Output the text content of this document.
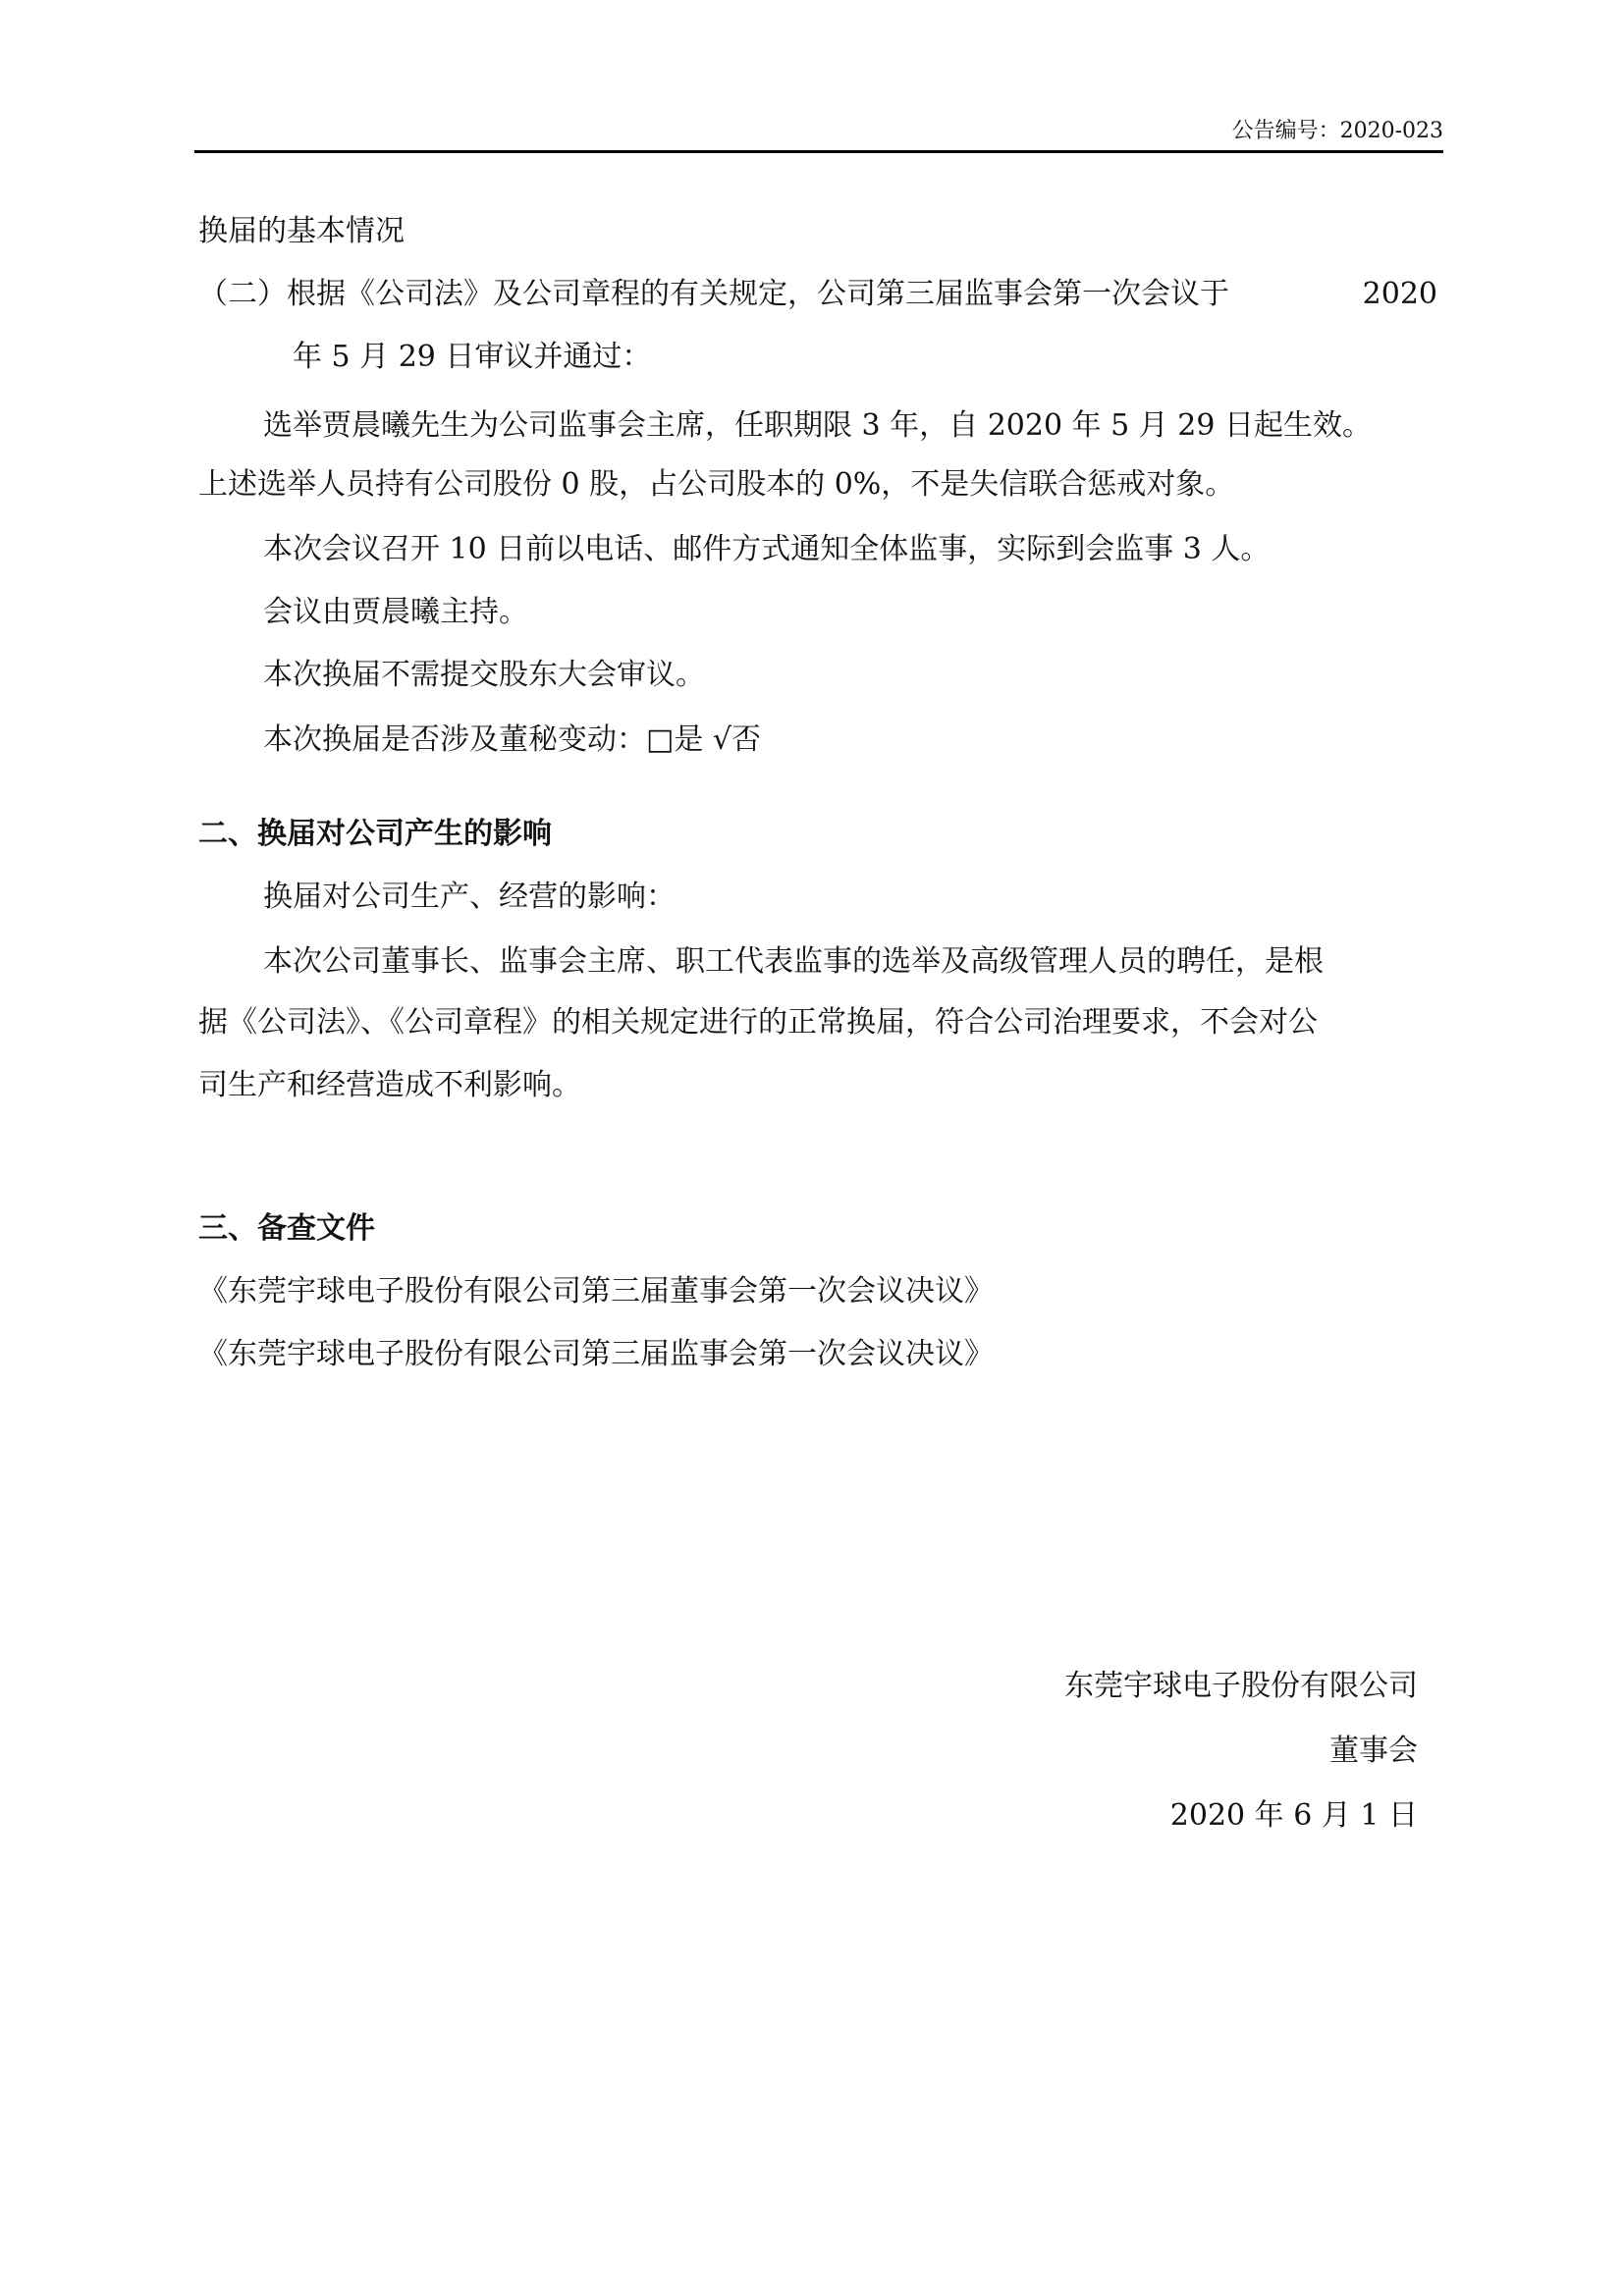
公告编号：2020-023
换届的基本情况
（二）根据《公司法》及公司章程的有关规定，公司第三届监事会第一次会议于	2020
年 5 月 29 日审议并通过：
选举贾晨曦先生为公司监事会主席，任职期限 3 年，自 2020 年 5 月 29 日起生效。
上述选举人员持有公司股份 0 股，占公司股本的 0%，不是失信联合惩戒对象。
本次会议召开 10 日前以电话、邮件方式通知全体监事，实际到会监事 3 人。
会议由贾晨曦主持。
本次换届不需提交股东大会审议。
本次换届是否涉及董秘变动：□是 √否
二、换届对公司产生的影响
换届对公司生产、经营的影响：
本次公司董事长、监事会主席、职工代表监事的选举及高级管理人员的聘任，是根
据《公司法》、《公司章程》的相关规定进行的正常换届，符合公司治理要求，不会对公
司生产和经营造成不利影响。
三、备查文件
《东莞宇球电子股份有限公司第三届董事会第一次会议决议》
《东莞宇球电子股份有限公司第三届监事会第一次会议决议》
东莞宇球电子股份有限公司
董事会
2020 年 6 月 1 日
